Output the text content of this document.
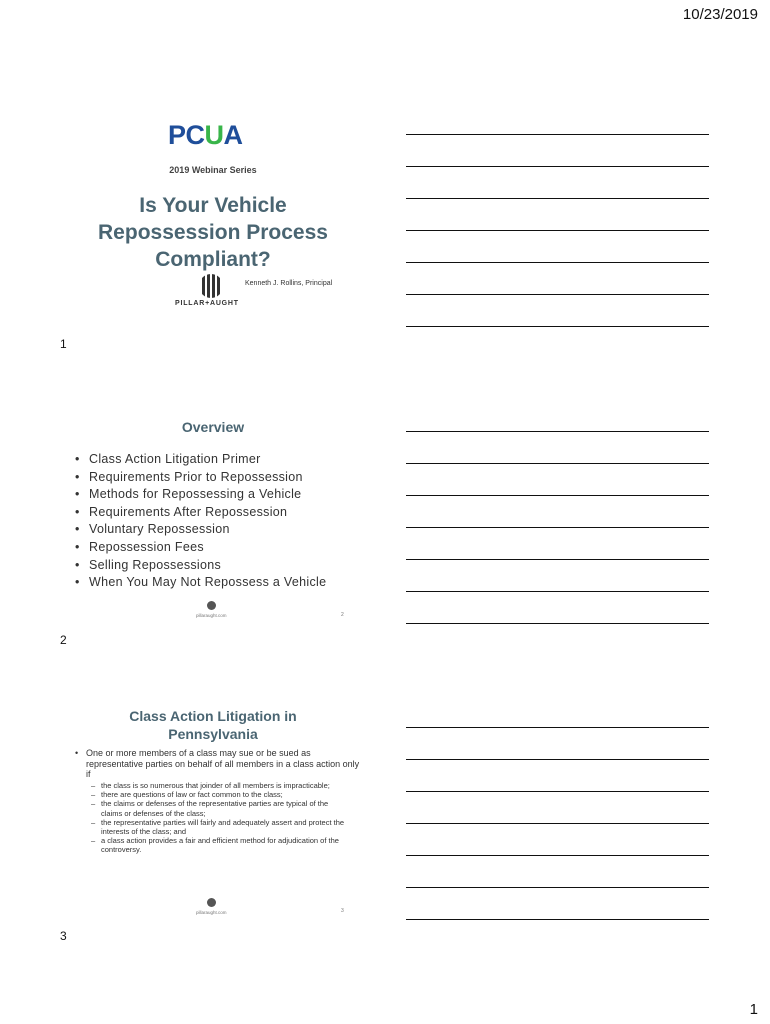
10/23/2019
PCUA
2019 Webinar Series
Is Your Vehicle
Repossession Process
Compliant?
PILLAR+AUGHT
Kenneth J. Rollins, Principal
1
Overview
• Class Action Litigation Primer
• Requirements Prior to Repossession
• Methods for Repossessing a Vehicle
• Requirements After Repossession
• Voluntary Repossession
• Repossession Fees
• Selling Repossessions
• When You May Not Repossess a Vehicle
pillaraught.com	2
2
Class Action Litigation in
Pennsylvania
• One or more members of a class may sue or be sued as representative parties on behalf of all members in a class action only if
– the class is so numerous that joinder of all members is impracticable;
– there are questions of law or fact common to the class;
– the claims or defenses of the representative parties are typical of the claims or defenses of the class;
– the representative parties will fairly and adequately assert and protect the interests of the class; and
– a class action provides a fair and efficient method for adjudication of the controversy.
pillaraught.com	3
3
1
